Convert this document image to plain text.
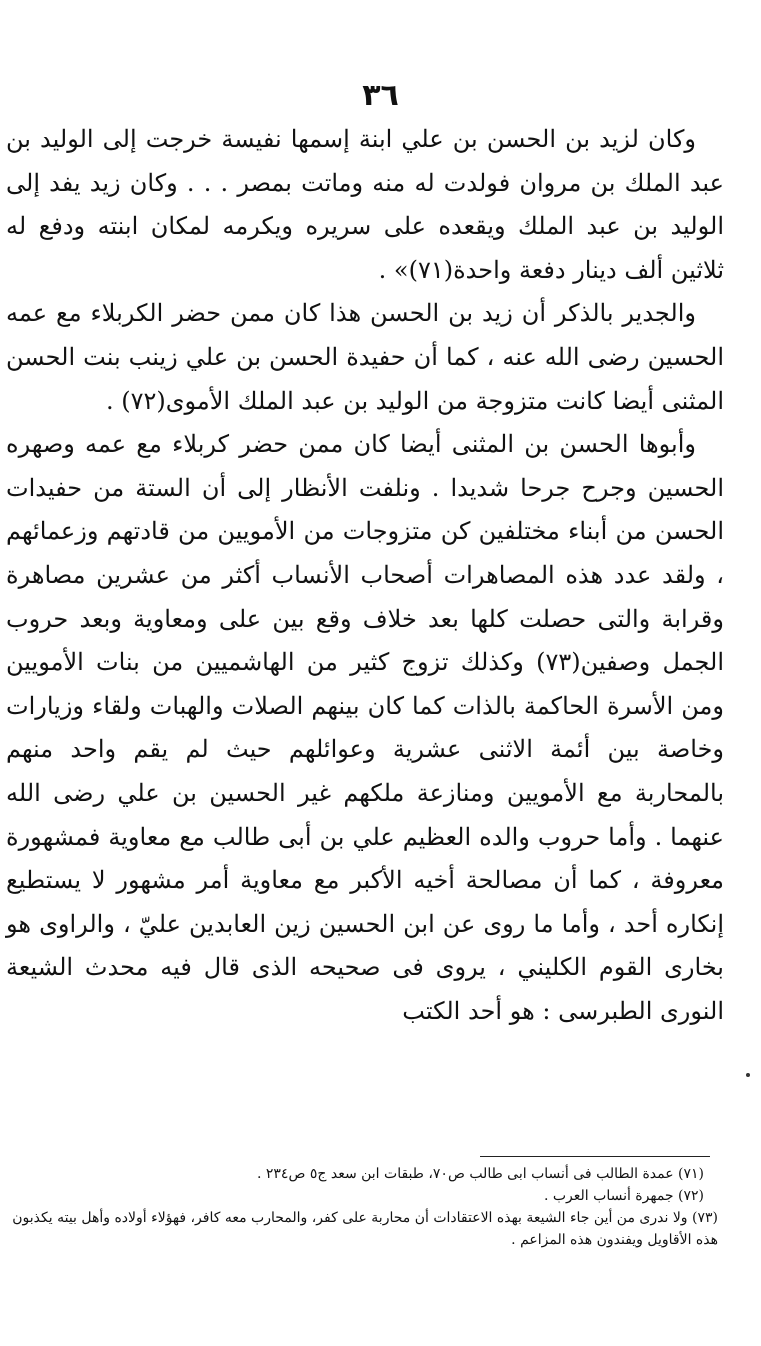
٣٦

وكان لزيد بن الحسن بن علي ابنة إسمها نفيسة خرجت إلى الوليد بن عبد الملك بن مروان فولدت له منه وماتت بمصر . . . وكان زيد يفد إلى الوليد بن عبد الملك ويقعده على سريره ويكرمه لمكان ابنته ودفع له ثلاثين ألف دينار دفعة واحدة(٧١)» .

والجدير بالذكر أن زيد بن الحسن هذا كان ممن حضر الكربلاء مع عمه الحسين رضى الله عنه ، كما أن حفيدة الحسن بن علي زينب بنت الحسن المثنى أيضا كانت متزوجة من الوليد بن عبد الملك الأموى(٧٢) .

وأبوها الحسن بن المثنى أيضا كان ممن حضر كربلاء مع عمه وصهره الحسين وجرح جرحا شديدا . ونلفت الأنظار إلى أن الستة من حفيدات الحسن من أبناء مختلفين كن متزوجات من الأمويين من قادتهم وزعمائهم ، ولقد عدد هذه المصاهرات أصحاب الأنساب أكثر من عشرين مصاهرة وقرابة والتى حصلت كلها بعد خلاف وقع بين على ومعاوية وبعد حروب الجمل وصفين(٧٣) وكذلك تزوج كثير من الهاشميين من بنات الأمويين ومن الأسرة الحاكمة بالذات كما كان بينهم الصلات والهبات ولقاء وزيارات وخاصة بين أئمة الاثنى عشرية وعوائلهم حيث لم يقم واحد منهم بالمحاربة مع الأمويين ومنازعة ملكهم غير الحسين بن علي رضى الله عنهما . وأما حروب والده العظيم علي بن أبى طالب مع معاوية فمشهورة معروفة ، كما أن مصالحة أخيه الأكبر مع معاوية أمر مشهور لا يستطيع إنكاره أحد ، وأما ما روى عن ابن الحسين زين العابدين عليّ ، والراوى هو بخارى القوم الكليني ، يروى فى صحيحه الذى قال فيه محدث الشيعة النورى الطبرسى : هو أحد الكتب

(٧١) عمدة الطالب فى أنساب ابى طالب ص٧٠، طبقات ابن سعد ج٥ ص٢٣٤ .

(٧٢) جمهرة أنساب العرب .

(٧٣) ولا ندرى من أين جاء الشيعة بهذه الاعتقادات أن محاربة على كفر، والمحارب معه كافر، فهؤلاء أولاده وأهل بيته يكذبون هذه الأقاويل ويفندون هذه المزاعم .
